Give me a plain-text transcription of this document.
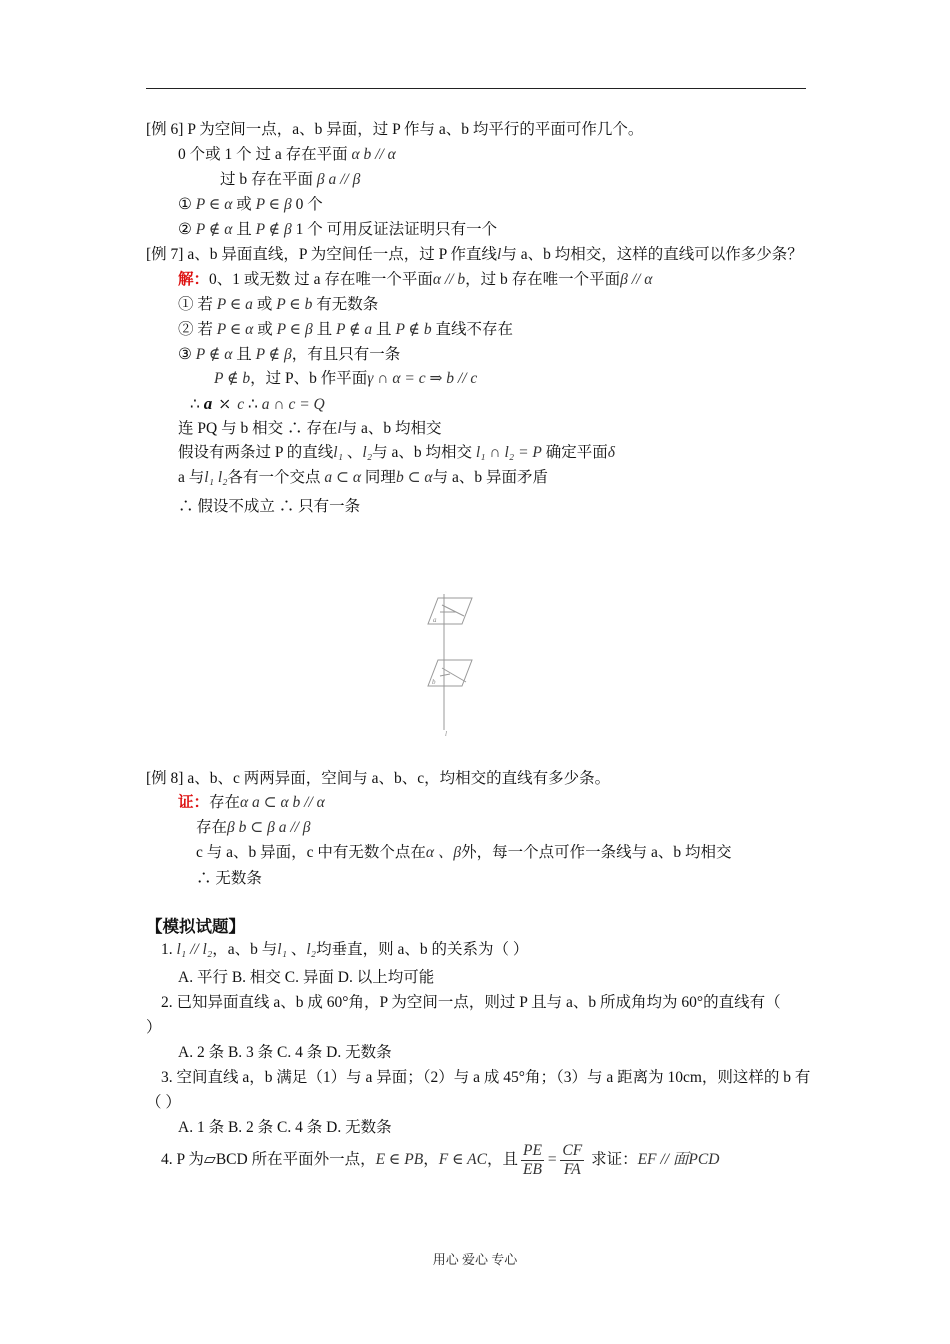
[例 6] P 为空间一点，a、b 异面，过 P 作与 a、b 均平行的平面可作几个。
0 个或 1 个 过 a 存在平面 α b // α
过 b 存在平面 β a // β
① P ∈ α 或 P ∈ β 0 个
② P ∉ α 且 P ∉ β 1 个 可用反证法证明只有一个
[例 7] a、b 异面直线，P 为空间任一点，过 P 作直线l与 a、b 均相交，这样的直线可以作多少条？
解：0、1 或无数 过 a 存在唯一个平面α // b，过 b 存在唯一个平面β // α
① 若 P ∈ a 或 P ∈ b 有无数条
② 若 P ∈ α 或 P ∈ β 且 P ∉ a 且 P ∉ b 直线不存在
③ P ∉ α 且 P ∉ β，有且只有一条
P ∉ b，过 P、b 作平面γ ∩ α = c ⇒ b // c
∴ a ⤫ c ∴ a ∩ c = Q
连 PQ 与 b 相交 ∴ 存在l与 a、b 均相交
假设有两条过 P 的直线l₁ 、l₂与 a、b 均相交 l₁ ∩ l₂ = P 确定平面δ
a 与l₁ l₂各有一个交点 a ⊂ α 同理b ⊂ α与 a、b 异面矛盾
∴ 假设不成立 ∴ 只有一条
a
b
l
[例 8] a、b、c 两两异面，空间与 a、b、c，均相交的直线有多少条。
证：存在α a ⊂ α b // α
存在β b ⊂ β a // β
c 与 a、b 异面，c 中有无数个点在α 、β外，每一个点可作一条线与 a、b 均相交
∴ 无数条
【模拟试题】
1. l₁ // l₂，a、b 与l₁ 、l₂均垂直，则 a、b 的关系为（ ）
A. 平行 B. 相交 C. 异面 D. 以上均可能
2. 已知异面直线 a、b 成 60°角，P 为空间一点，则过 P 且与 a、b 所成角均为 60°的直线有（
）
A. 2 条 B. 3 条 C. 4 条 D. 无数条
3. 空间直线 a，b 满足（1）与 a 异面；（2）与 a 成 45°角；（3）与 a 距离为 10cm，则这样的 b 有
（ ）
A. 1 条 B. 2 条 C. 4 条 D. 无数条
4. P 为▱BCD 所在平面外一点，E ∈ PB，F ∈ AC，且 $\frac{PE}{EB} = \frac{CF}{FA}$ 求证：EF // 面PCD
用心 爱心 专心
